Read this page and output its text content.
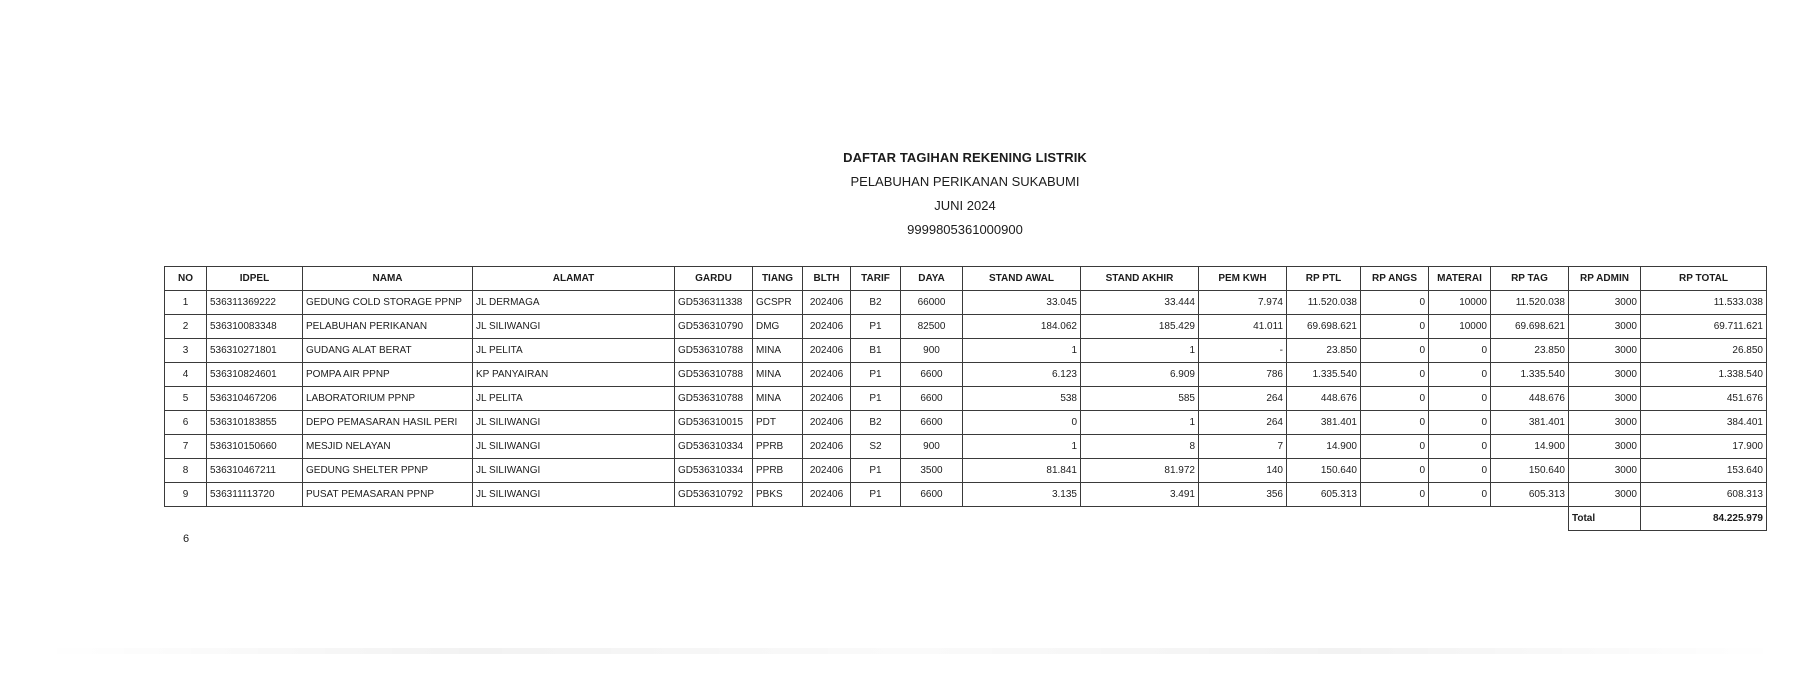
DAFTAR TAGIHAN REKENING LISTRIK
PELABUHAN PERIKANAN SUKABUMI
JUNI 2024
9999805361000900
NO	IDPEL	NAMA	ALAMAT	GARDU	TIANG	BLTH	TARIF	DAYA	STAND AWAL	STAND AKHIR	PEM KWH	RP PTL	RP ANGS	MATERAI	RP TAG	RP ADMIN	RP TOTAL
1	536311369222	GEDUNG COLD STORAGE PPNP	JL DERMAGA	GD536311338	GCSPR	202406	B2	66000	33.045	33.444	7.974	11.520.038	0	10000	11.520.038	3000	11.533.038
2	536310083348	PELABUHAN PERIKANAN	JL SILIWANGI	GD536310790	DMG	202406	P1	82500	184.062	185.429	41.011	69.698.621	0	10000	69.698.621	3000	69.711.621
3	536310271801	GUDANG ALAT BERAT	JL PELITA	GD536310788	MINA	202406	B1	900	1	1	-	23.850	0	0	23.850	3000	26.850
4	536310824601	POMPA AIR PPNP	KP PANYAIRAN	GD536310788	MINA	202406	P1	6600	6.123	6.909	786	1.335.540	0	0	1.335.540	3000	1.338.540
5	536310467206	LABORATORIUM PPNP	JL PELITA	GD536310788	MINA	202406	P1	6600	538	585	264	448.676	0	0	448.676	3000	451.676
6	536310183855	DEPO PEMASARAN HASIL PERI	JL SILIWANGI	GD536310015	PDT	202406	B2	6600	0	1	264	381.401	0	0	381.401	3000	384.401
7	536310150660	MESJID NELAYAN	JL SILIWANGI	GD536310334	PPRB	202406	S2	900	1	8	7	14.900	0	0	14.900	3000	17.900
8	536310467211	GEDUNG SHELTER PPNP	JL SILIWANGI	GD536310334	PPRB	202406	P1	3500	81.841	81.972	140	150.640	0	0	150.640	3000	153.640
9	536311113720	PUSAT PEMASARAN PPNP	JL SILIWANGI	GD536310792	PBKS	202406	P1	6600	3.135	3.491	356	605.313	0	0	605.313	3000	608.313
																Total	84.225.979
6
